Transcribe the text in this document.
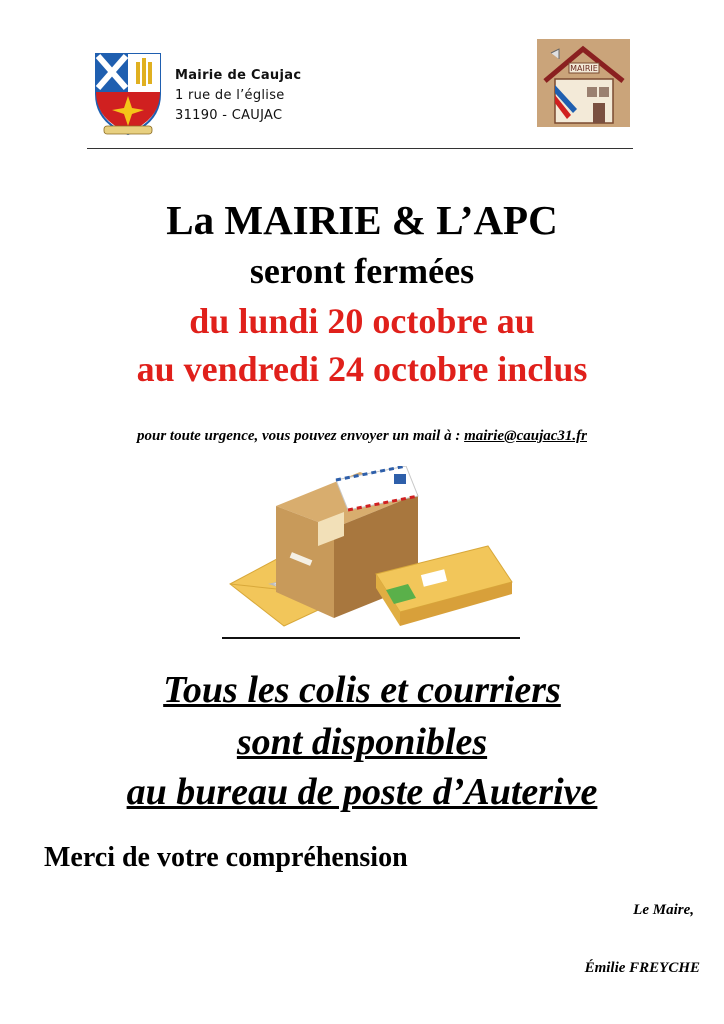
Mairie de Caujac
1 rue de l’église
31190 - CAUJAC
MAIRIE
La MAIRIE & L’APC
seront fermées
du lundi 20 octobre au
au vendredi 24 octobre inclus
pour toute urgence, vous pouvez envoyer un mail à : mairie@caujac31.fr
Tous les colis et courriers
sont disponibles
au bureau de poste d’Auterive
Merci de votre compréhension
Le Maire,
Émilie FREYCHE
